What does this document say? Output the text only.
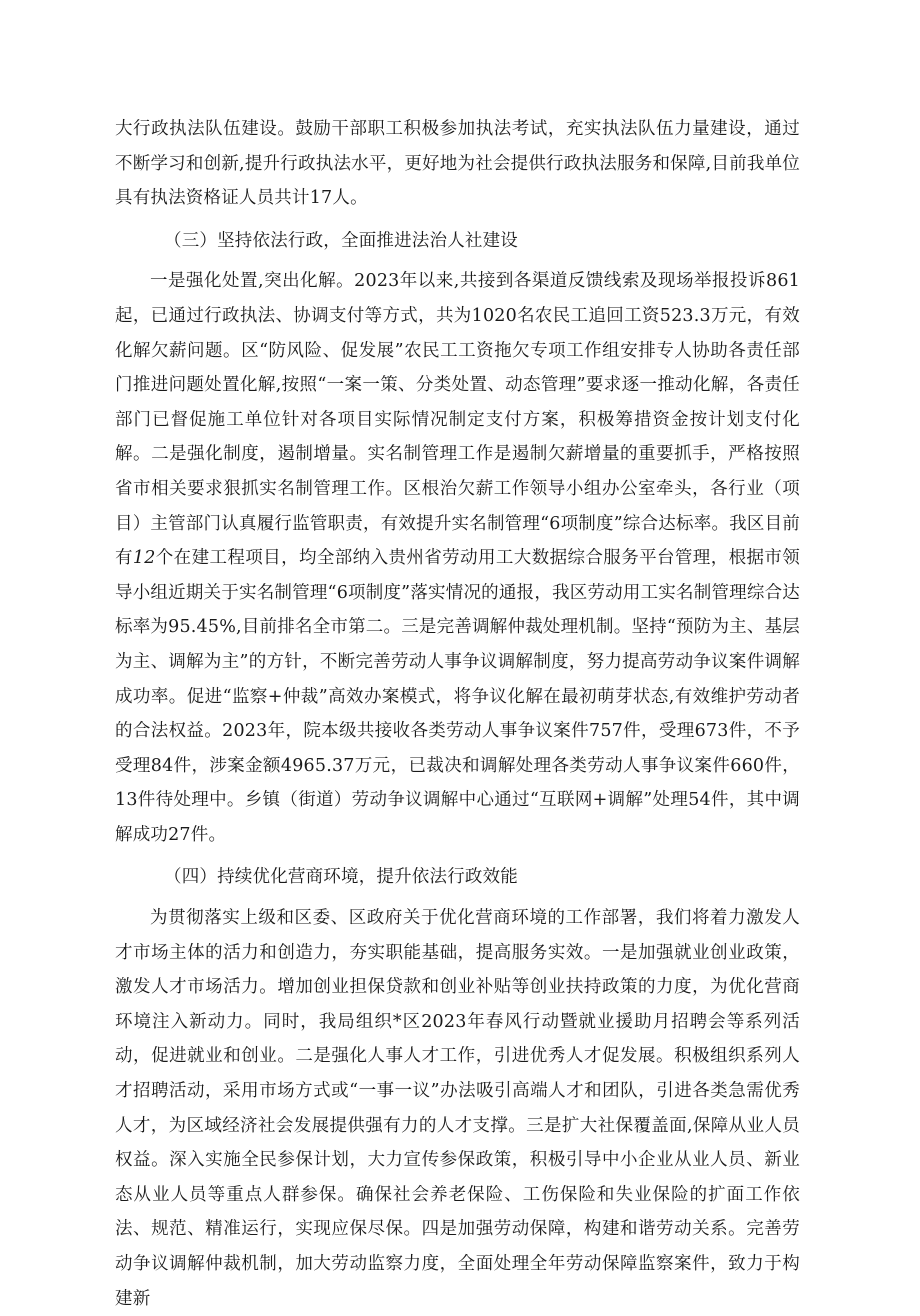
大行政执法队伍建设。鼓励干部职工积极参加执法考试，充实执法队伍力量建设，通过不断学习和创新,提升行政执法水平，更好地为社会提供行政执法服务和保障,目前我单位具有执法资格证人员共计17人。

（三）坚持依法行政，全面推进法治人社建设

一是强化处置,突出化解。2023年以来,共接到各渠道反馈线索及现场举报投诉861起，已通过行政执法、协调支付等方式，共为1020名农民工追回工资523.3万元，有效化解欠薪问题。区“防风险、促发展”农民工工资拖欠专项工作组安排专人协助各责任部门推进问题处置化解,按照“一案一策、分类处置、动态管理”要求逐一推动化解，各责任部门已督促施工单位针对各项目实际情况制定支付方案，积极筹措资金按计划支付化解。二是强化制度，遏制增量。实名制管理工作是遏制欠薪增量的重要抓手，严格按照省市相关要求狠抓实名制管理工作。区根治欠薪工作领导小组办公室牵头，各行业（项目）主管部门认真履行监管职责，有效提升实名制管理“6项制度”综合达标率。我区目前有12个在建工程项目，均全部纳入贵州省劳动用工大数据综合服务平台管理，根据市领导小组近期关于实名制管理“6项制度”落实情况的通报，我区劳动用工实名制管理综合达标率为95.45%,目前排名全市第二。三是完善调解仲裁处理机制。坚持“预防为主、基层为主、调解为主”的方针，不断完善劳动人事争议调解制度，努力提高劳动争议案件调解成功率。促进“监察+仲裁”高效办案模式，将争议化解在最初萌芽状态,有效维护劳动者的合法权益。2023年，院本级共接收各类劳动人事争议案件757件，受理673件，不予受理84件，涉案金额4965.37万元，已裁决和调解处理各类劳动人事争议案件660件，13件待处理中。乡镇（街道）劳动争议调解中心通过“互联网+调解”处理54件，其中调解成功27件。

（四）持续优化营商环境，提升依法行政效能

为贯彻落实上级和区委、区政府关于优化营商环境的工作部署，我们将着力激发人才市场主体的活力和创造力，夯实职能基础，提高服务实效。一是加强就业创业政策，激发人才市场活力。增加创业担保贷款和创业补贴等创业扶持政策的力度，为优化营商环境注入新动力。同时，我局组织*区2023年春风行动暨就业援助月招聘会等系列活动，促进就业和创业。二是强化人事人才工作，引进优秀人才促发展。积极组织系列人才招聘活动，采用市场方式或“一事一议”办法吸引高端人才和团队，引进各类急需优秀人才，为区域经济社会发展提供强有力的人才支撑。三是扩大社保覆盖面,保障从业人员权益。深入实施全民参保计划，大力宣传参保政策，积极引导中小企业从业人员、新业态从业人员等重点人群参保。确保社会养老保险、工伤保险和失业保险的扩面工作依法、规范、精准运行，实现应保尽保。四是加强劳动保障，构建和谐劳动关系。完善劳动争议调解仲裁机制，加大劳动监察力度，全面处理全年劳动保障监察案件，致力于构建新
